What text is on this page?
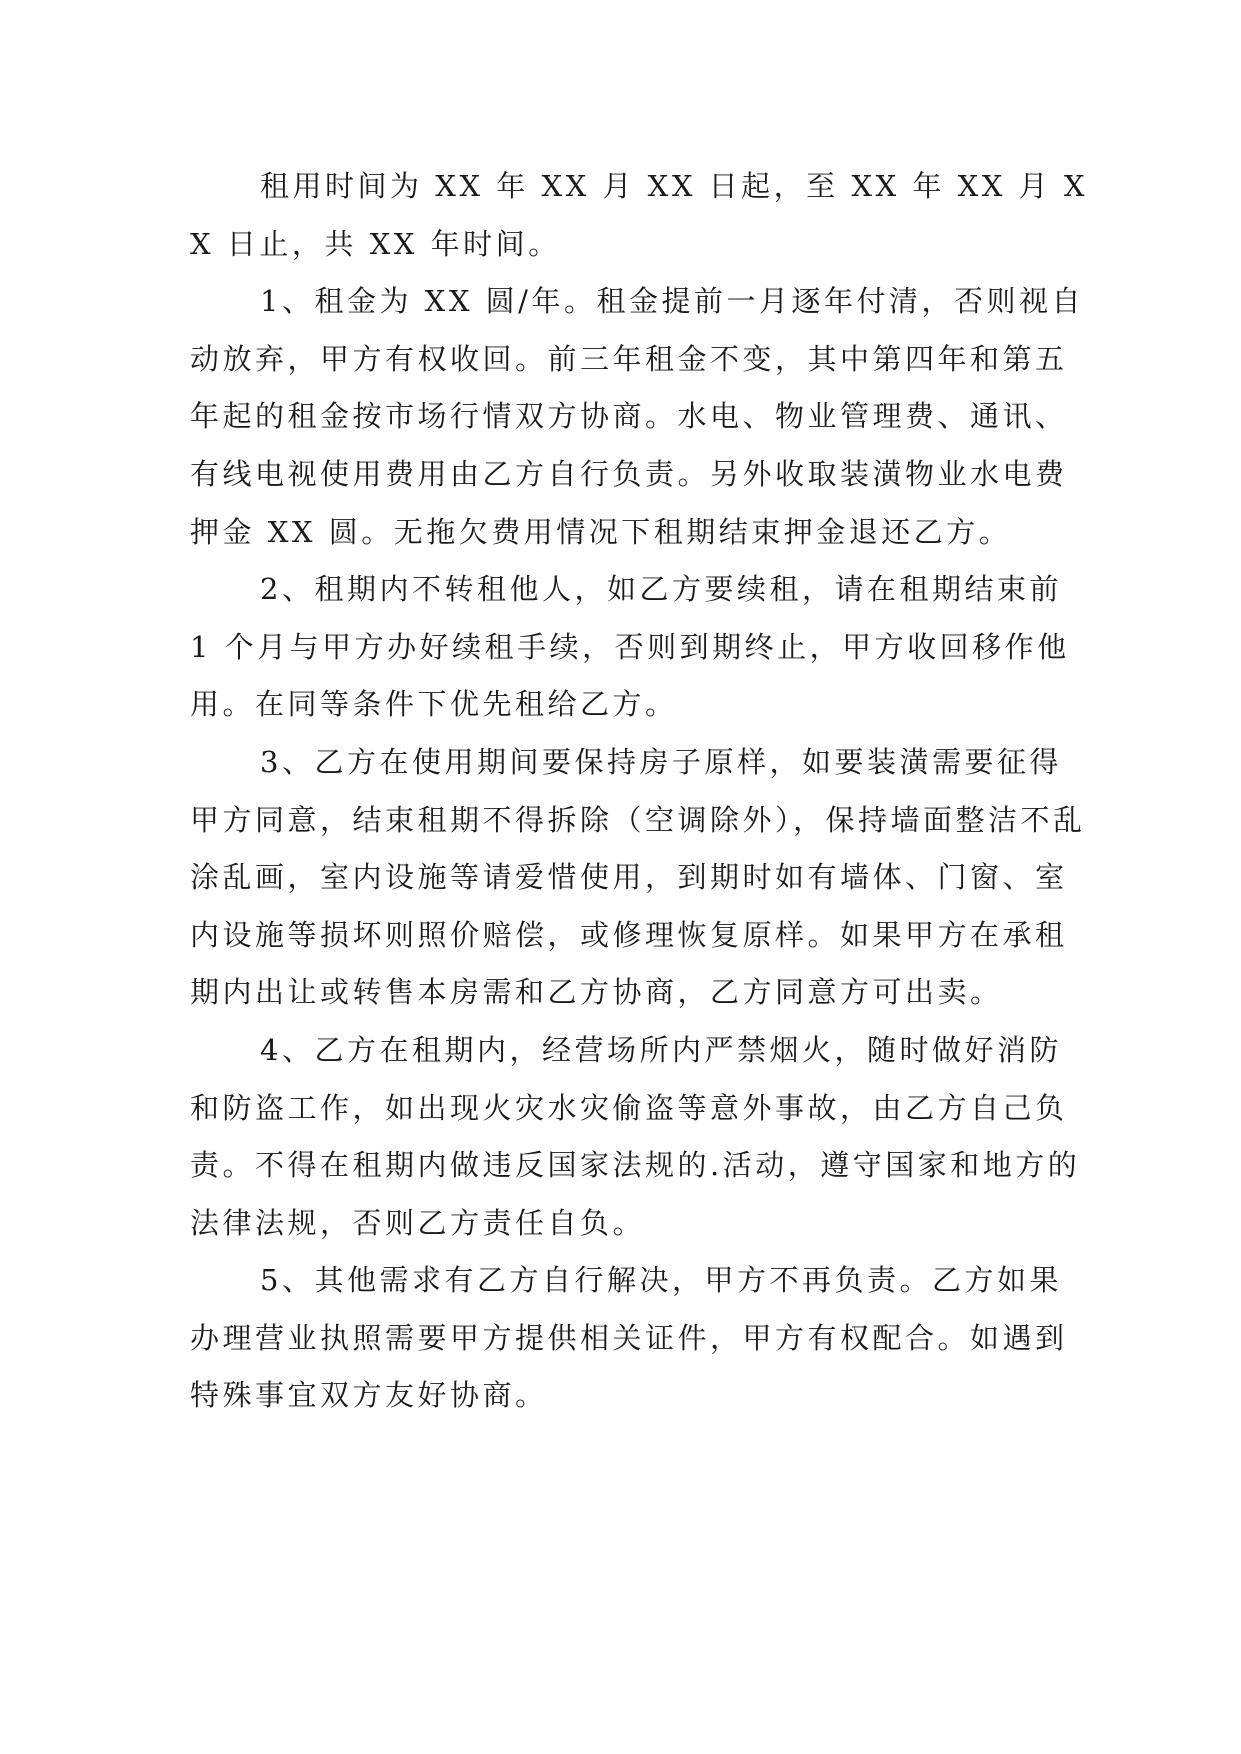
租用时间为 XX 年 XX 月 XX 日起，至 XX 年 XX 月 XX 日止，共 XX 年时间。

1、租金为 XX 圆/年。租金提前一月逐年付清，否则视自动放弃，甲方有权收回。前三年租金不变，其中第四年和第五年起的租金按市场行情双方协商。水电、物业管理费、通讯、有线电视使用费用由乙方自行负责。另外收取装潢物业水电费押金 XX 圆。无拖欠费用情况下租期结束押金退还乙方。

2、租期内不转租他人，如乙方要续租，请在租期结束前 1 个月与甲方办好续租手续，否则到期终止，甲方收回移作他用。在同等条件下优先租给乙方。

3、乙方在使用期间要保持房子原样，如要装潢需要征得甲方同意，结束租期不得拆除（空调除外），保持墙面整洁不乱涂乱画，室内设施等请爱惜使用，到期时如有墙体、门窗、室内设施等损坏则照价赔偿，或修理恢复原样。如果甲方在承租期内出让或转售本房需和乙方协商，乙方同意方可出卖。

4、乙方在租期内，经营场所内严禁烟火，随时做好消防和防盗工作，如出现火灾水灾偷盗等意外事故，由乙方自己负责。不得在租期内做违反国家法规的.活动，遵守国家和地方的法律法规，否则乙方责任自负。

5、其他需求有乙方自行解决，甲方不再负责。乙方如果办理营业执照需要甲方提供相关证件，甲方有权配合。如遇到特殊事宜双方友好协商。
